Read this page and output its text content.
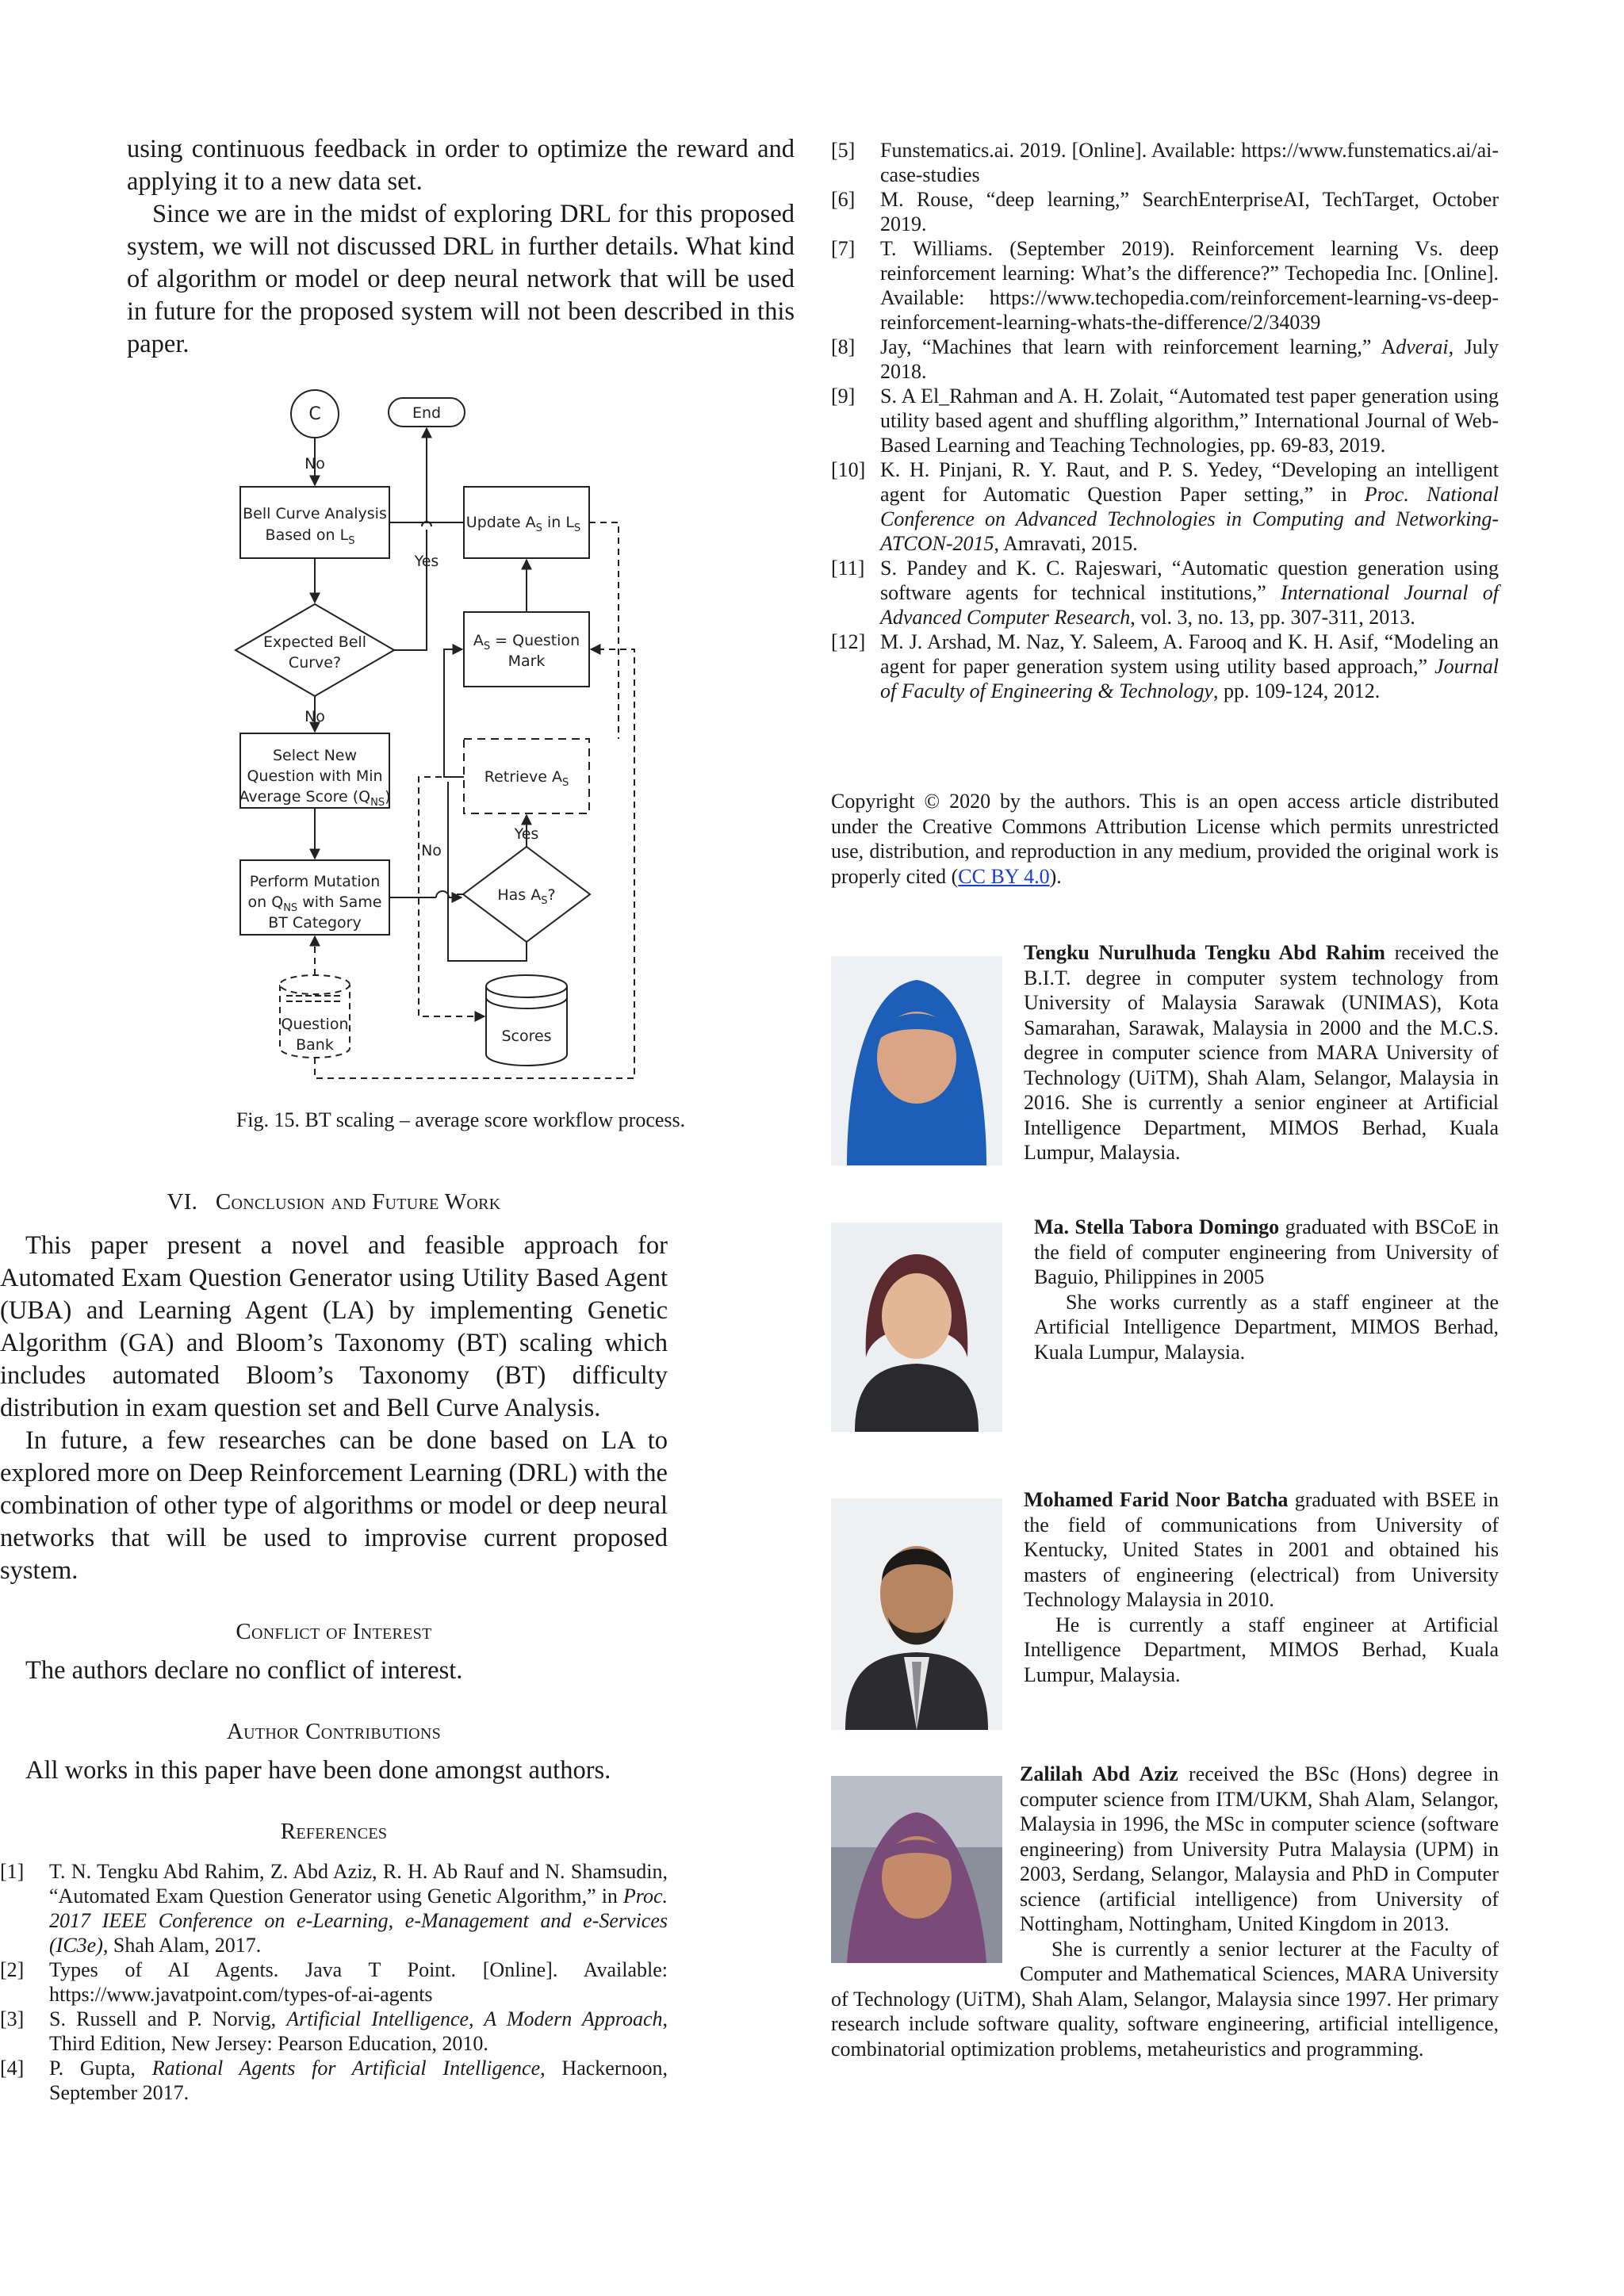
using continuous feedback in order to optimize the reward and applying it to a new data set.

Since we are in the midst of exploring DRL for this proposed system, we will not discussed DRL in further details. What kind of algorithm or model or deep neural network that will be used in future for the proposed system will not been described in this paper.

C	End
Bell Curve Analysis
Based on $L_S$
Update $A_S$ in $L_S$
Expected Bell
Curve?
$A_S$ = Question
Mark
Select New
Question with Min
Average Score $(Q_{NS})$
Retrieve $A_S$
Perform Mutation
on $Q_{NS}$ with Same
BT Category
Has $A_S$?
Question
Bank	Scores
No
Yes
No
Yes
No
Fig. 15. BT scaling – average score workflow process.

VI. Conclusion and Future Work

This paper present a novel and feasible approach for Automated Exam Question Generator using Utility Based Agent (UBA) and Learning Agent (LA) by implementing Genetic Algorithm (GA) and Bloom’s Taxonomy (BT) scaling which includes automated Bloom’s Taxonomy (BT) difficulty distribution in exam question set and Bell Curve Analysis.

In future, a few researches can be done based on LA to explored more on Deep Reinforcement Learning (DRL) with the combination of other type of algorithms or model or deep neural networks that will be used to improvise current proposed system.

Conflict of Interest

The authors declare no conflict of interest.

Author Contributions

All works in this paper have been done amongst authors.

References

[1]	T. N. Tengku Abd Rahim, Z. Abd Aziz, R. H. Ab Rauf and N. Shamsudin, “Automated Exam Question Generator using Genetic Algorithm,” in Proc. 2017 IEEE Conference on e-Learning, e-Management and e-Services (IC3e), Shah Alam, 2017.
[2]	Types of AI Agents. Java T Point. [Online]. Available: https://www.javatpoint.com/types-of-ai-agents
[3]	S. Russell and P. Norvig, Artificial Intelligence, A Modern Approach, Third Edition, New Jersey: Pearson Education, 2010.
[4]	P. Gupta, Rational Agents for Artificial Intelligence, Hackernoon, September 2017.
[5]	Funstematics.ai. 2019. [Online]. Available: https://www.funstematics.ai/ai-case-studies
[6]	M. Rouse, “deep learning,” SearchEnterpriseAI, TechTarget, October 2019.
[7]	T. Williams. (September 2019). Reinforcement learning Vs. deep reinforcement learning: What’s the difference?” Techopedia Inc. [Online]. Available: https://www.techopedia.com/reinforcement-learning-vs-deep-reinforcement-learning-whats-the-difference/2/34039
[8]	Jay, “Machines that learn with reinforcement learning,” Adverai, July 2018.
[9]	S. A El_Rahman and A. H. Zolait, “Automated test paper generation using utility based agent and shuffling algorithm,” International Journal of Web-Based Learning and Teaching Technologies, pp. 69-83, 2019.
[10] K. H. Pinjani, R. Y. Raut, and P. S. Yedey, “Developing an intelligent agent for Automatic Question Paper setting,” in Proc. National Conference on Advanced Technologies in Computing and Networking-ATCON-2015, Amravati, 2015.
[11] S. Pandey and K. C. Rajeswari, “Automatic question generation using software agents for technical institutions,” International Journal of Advanced Computer Research, vol. 3, no. 13, pp. 307-311, 2013.
[12] M. J. Arshad, M. Naz, Y. Saleem, A. Farooq and K. H. Asif, “Modeling an agent for paper generation system using utility based approach,” Journal of Faculty of Engineering & Technology, pp. 109-124, 2012.

Copyright © 2020 by the authors. This is an open access article distributed under the Creative Commons Attribution License which permits unrestricted use, distribution, and reproduction in any medium, provided the original work is properly cited (CC BY 4.0).

Tengku Nurulhuda Tengku Abd Rahim received the B.I.T. degree in computer system technology from University of Malaysia Sarawak (UNIMAS), Kota Samarahan, Sarawak, Malaysia in 2000 and the M.C.S. degree in computer science from MARA University of Technology (UiTM), Shah Alam, Selangor, Malaysia in 2016. She is currently a senior engineer at Artificial Intelligence Department, MIMOS Berhad, Kuala Lumpur, Malaysia.

Ma. Stella Tabora Domingo graduated with BSCoE in the field of computer engineering from University of Baguio, Philippines in 2005
She works currently as a staff engineer at the Artificial Intelligence Department, MIMOS Berhad, Kuala Lumpur, Malaysia.

Mohamed Farid Noor Batcha graduated with BSEE in the field of communications from University of Kentucky, United States in 2001 and obtained his masters of engineering (electrical) from University Technology Malaysia in 2010.
He is currently a staff engineer at Artificial Intelligence Department, MIMOS Berhad, Kuala Lumpur, Malaysia.

Zalilah Abd Aziz received the BSc (Hons) degree in computer science from ITM/UKM, Shah Alam, Selangor, Malaysia in 1996, the MSc in computer science (software engineering) from University Putra Malaysia (UPM) in 2003, Serdang, Selangor, Malaysia and PhD in Computer science (artificial intelligence) from University of Nottingham, Nottingham, United Kingdom in 2013.
She is currently a senior lecturer at the Faculty of Computer and Mathematical Sciences, MARA University of Technology (UiTM), Shah Alam, Selangor, Malaysia since 1997. Her primary research include software quality, software engineering, artificial intelligence, combinatorial optimization problems, metaheuristics and programming.
